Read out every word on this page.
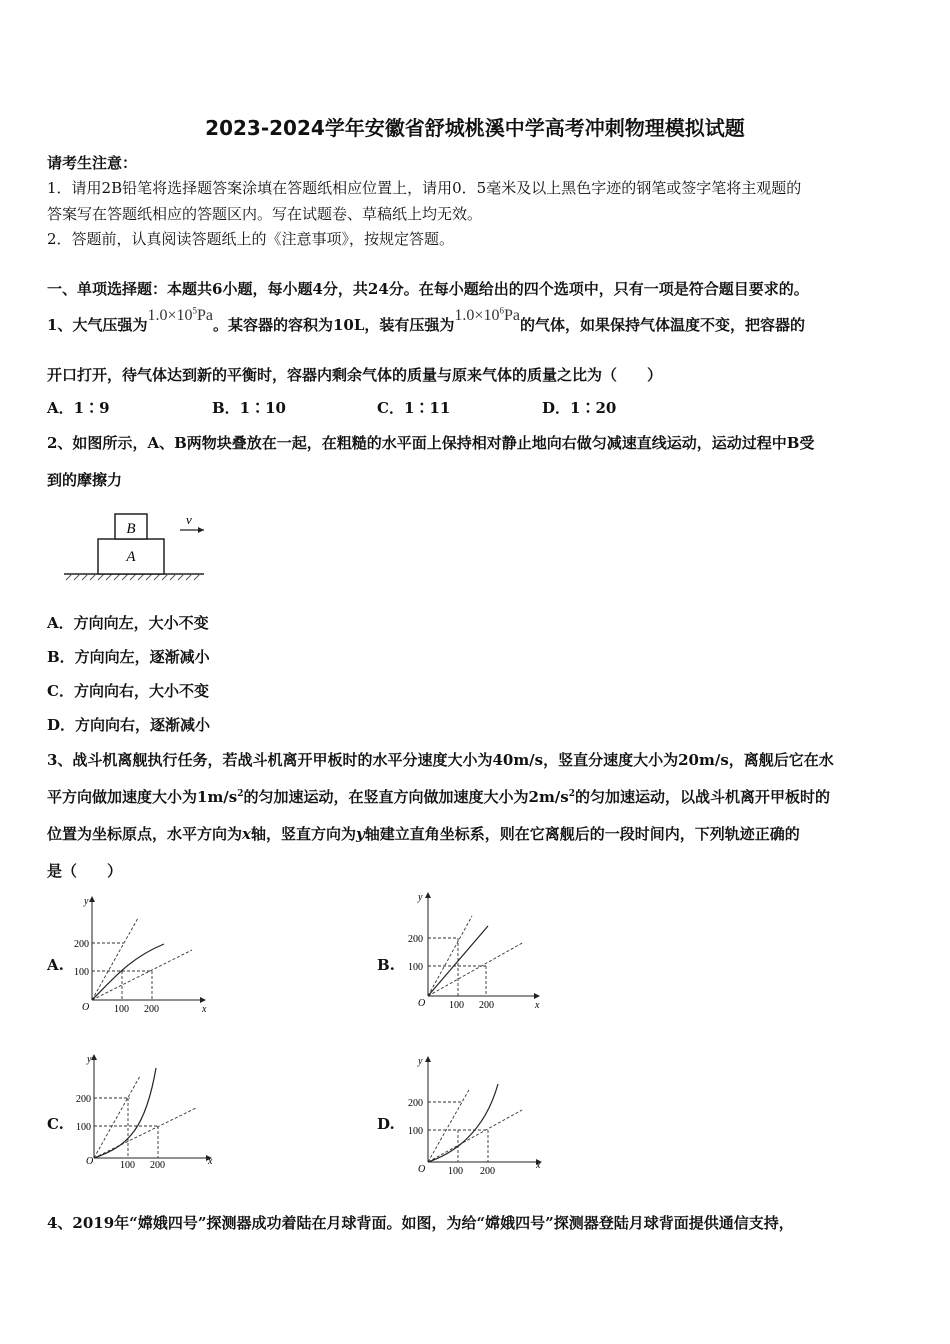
2023-2024学年安徽省舒城桃溪中学高考冲刺物理模拟试题
请考生注意：
1．请用2B铅笔将选择题答案涂填在答题纸相应位置上，请用0．5毫米及以上黑色字迹的钢笔或签字笔将主观题的
答案写在答题纸相应的答题区内。写在试题卷、草稿纸上均无效。
2．答题前，认真阅读答题纸上的《注意事项》，按规定答题。
一、单项选择题：本题共6小题，每小题4分，共24分。在每小题给出的四个选项中，只有一项是符合题目要求的。
1、大气压强为$1.0\times 10^5Pa$。某容器的容积为10L，装有压强为$1.0\times 10^6Pa$的气体，如果保持气体温度不变，把容器的
开口打开，待气体达到新的平衡时，容器内剩余气体的质量与原来气体的质量之比为（　　）
A．1∶9	B．1∶10	C．1∶11	D．1∶20
2、如图所示，A、B两物块叠放在一起，在粗糙的水平面上保持相对静止地向右做匀减速直线运动，运动过程中B受
到的摩擦力
B
A
v
A．方向向左，大小不变
B．方向向左，逐渐减小
C．方向向右，大小不变
D．方向向右，逐渐减小
3、战斗机离舰执行任务，若战斗机离开甲板时的水平分速度大小为40m/s，竖直分速度大小为20m/s，离舰后它在水
平方向做加速度大小为$1m/s^2$的匀加速运动，在竖直方向做加速度大小为$2m/s^2$的匀加速运动，以战斗机离开甲板时的
位置为坐标原点，水平方向为x轴，竖直方向为y轴建立直角坐标系，则在它离舰后的一段时间内，下列轨迹正确的
是（　　）
A.
y
x
O
100
200
100 200
B.
y
x
O
100
200
100 200
C.
y
x
O
100
200
100 200
D.
y
x
O
100
200
100 200
4、2019年“嫦娥四号”探测器成功着陆在月球背面。如图，为给“嫦娥四号”探测器登陆月球背面提供通信支持，
